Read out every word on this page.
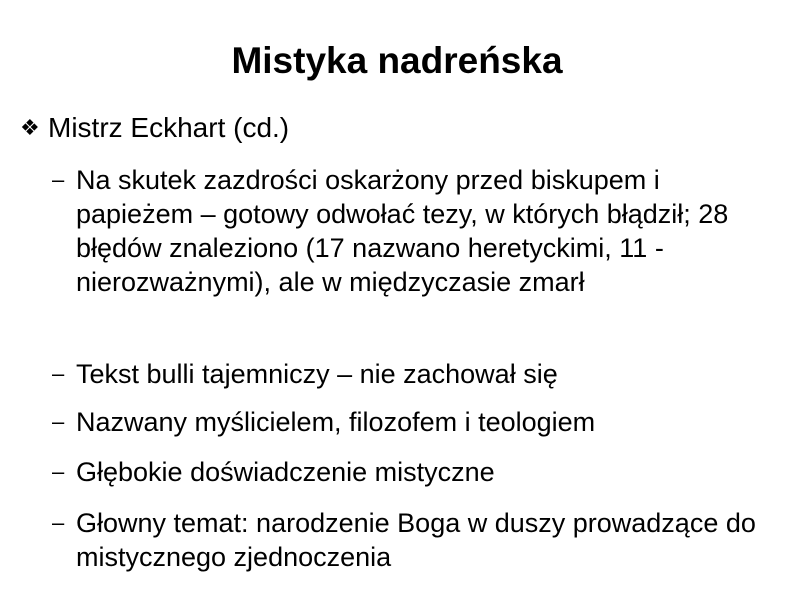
Mistyka nadreńska
❖ Mistrz Eckhart (cd.)
– Na skutek zazdrości oskarżony przed biskupem i papieżem – gotowy odwołać tezy, w których błądził; 28 błędów znaleziono (17 nazwano heretyckimi, 11 - nierozważnymi), ale w międzyczasie zmarł
– Tekst bulli tajemniczy – nie zachował się
– Nazwany myślicielem, filozofem i teologiem
– Głębokie doświadczenie mistyczne
– Głowny temat: narodzenie Boga w duszy prowadzące do mistycznego zjednoczenia
